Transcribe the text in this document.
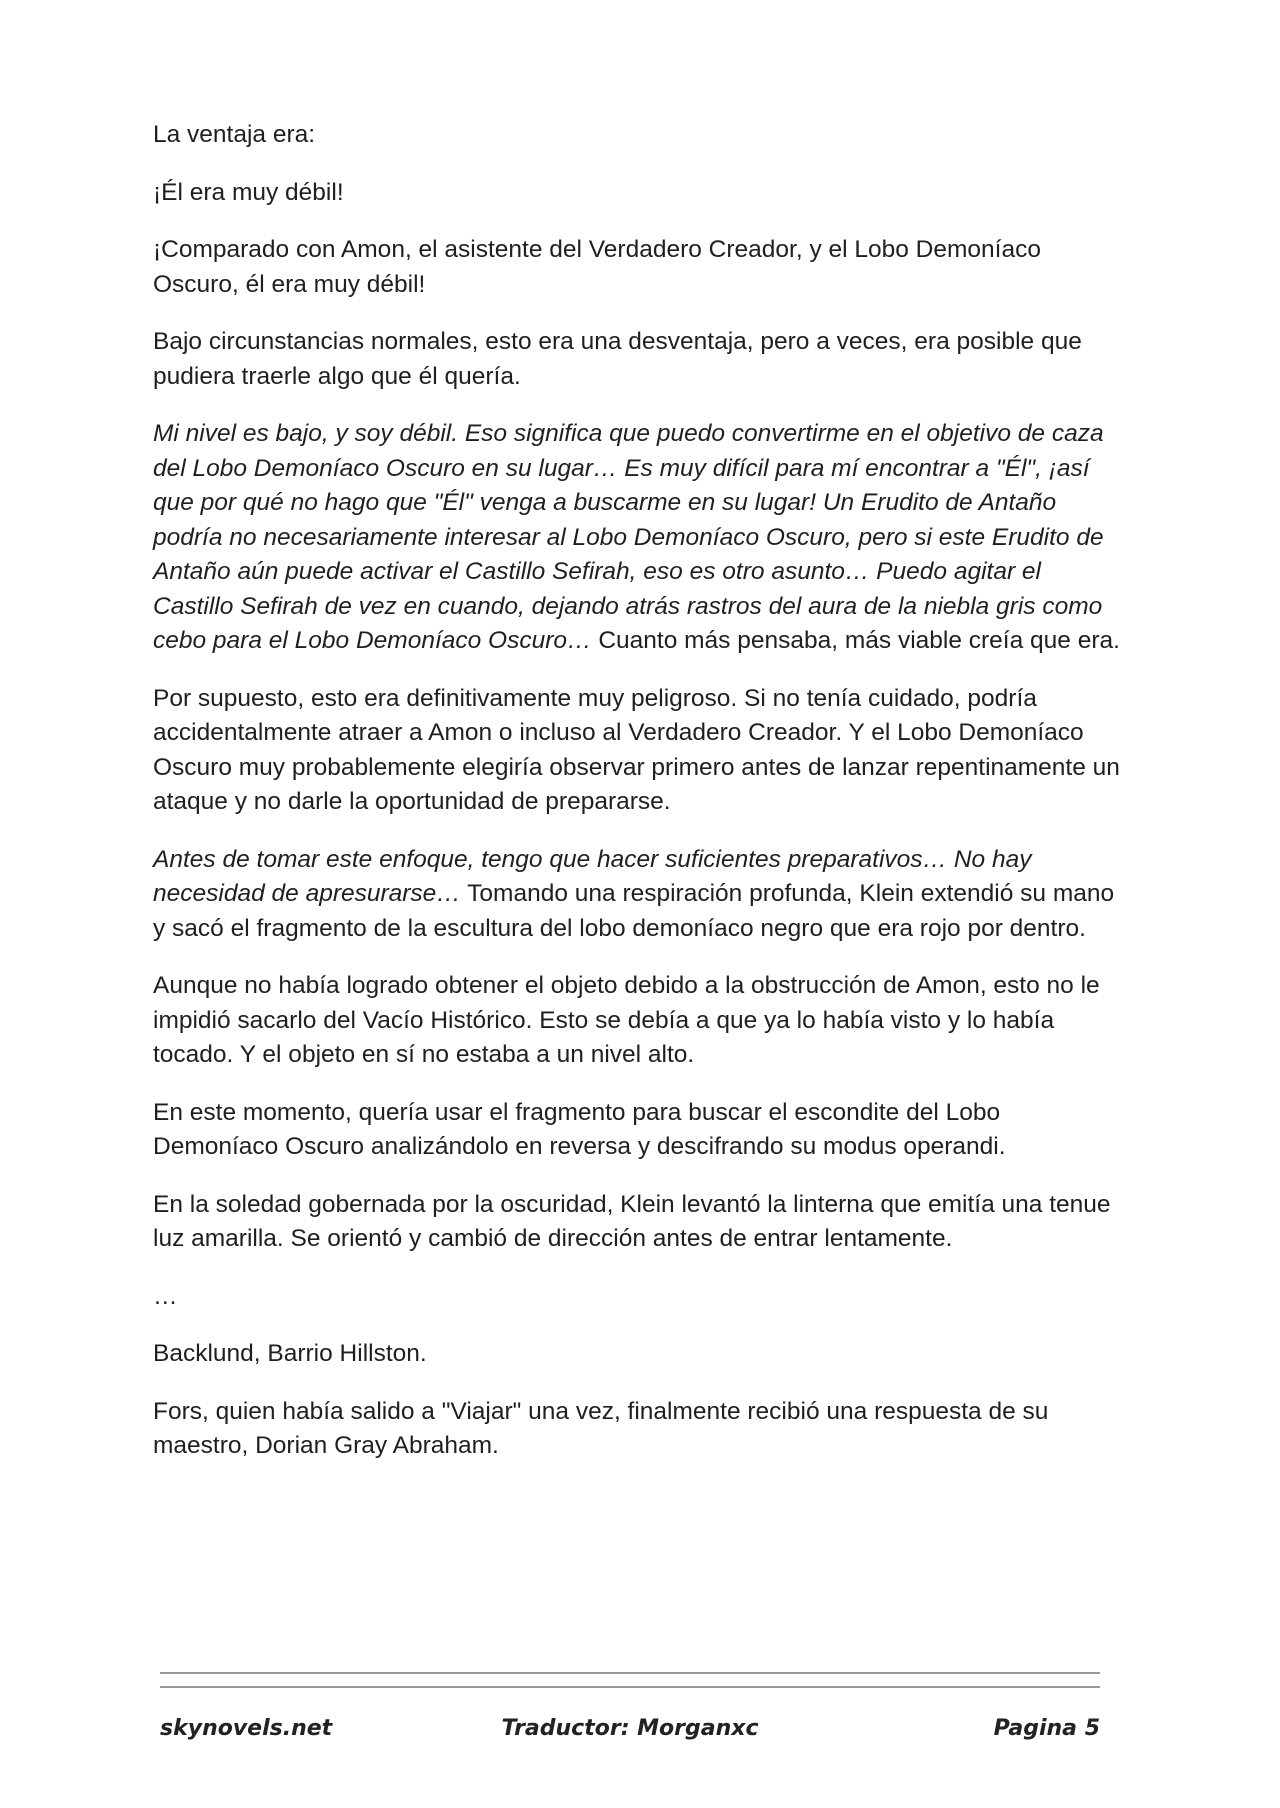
La ventaja era:

¡Él era muy débil!

¡Comparado con Amon, el asistente del Verdadero Creador, y el Lobo Demoníaco Oscuro, él era muy débil!

Bajo circunstancias normales, esto era una desventaja, pero a veces, era posible que pudiera traerle algo que él quería.

Mi nivel es bajo, y soy débil. Eso significa que puedo convertirme en el objetivo de caza del Lobo Demoníaco Oscuro en su lugar… Es muy difícil para mí encontrar a "Él", ¡así que por qué no hago que "Él" venga a buscarme en su lugar! Un Erudito de Antaño podría no necesariamente interesar al Lobo Demoníaco Oscuro, pero si este Erudito de Antaño aún puede activar el Castillo Sefirah, eso es otro asunto… Puedo agitar el Castillo Sefirah de vez en cuando, dejando atrás rastros del aura de la niebla gris como cebo para el Lobo Demoníaco Oscuro… Cuanto más pensaba, más viable creía que era.

Por supuesto, esto era definitivamente muy peligroso. Si no tenía cuidado, podría accidentalmente atraer a Amon o incluso al Verdadero Creador. Y el Lobo Demoníaco Oscuro muy probablemente elegiría observar primero antes de lanzar repentinamente un ataque y no darle la oportunidad de prepararse.

Antes de tomar este enfoque, tengo que hacer suficientes preparativos… No hay necesidad de apresurarse… Tomando una respiración profunda, Klein extendió su mano y sacó el fragmento de la escultura del lobo demoníaco negro que era rojo por dentro.

Aunque no había logrado obtener el objeto debido a la obstrucción de Amon, esto no le impidió sacarlo del Vacío Histórico. Esto se debía a que ya lo había visto y lo había tocado. Y el objeto en sí no estaba a un nivel alto.

En este momento, quería usar el fragmento para buscar el escondite del Lobo Demoníaco Oscuro analizándolo en reversa y descifrando su modus operandi.

En la soledad gobernada por la oscuridad, Klein levantó la linterna que emitía una tenue luz amarilla. Se orientó y cambió de dirección antes de entrar lentamente.

…

Backlund, Barrio Hillston.

Fors, quien había salido a "Viajar" una vez, finalmente recibió una respuesta de su maestro, Dorian Gray Abraham.

skynovels.net	Traductor: Morganxc	Pagina 5
